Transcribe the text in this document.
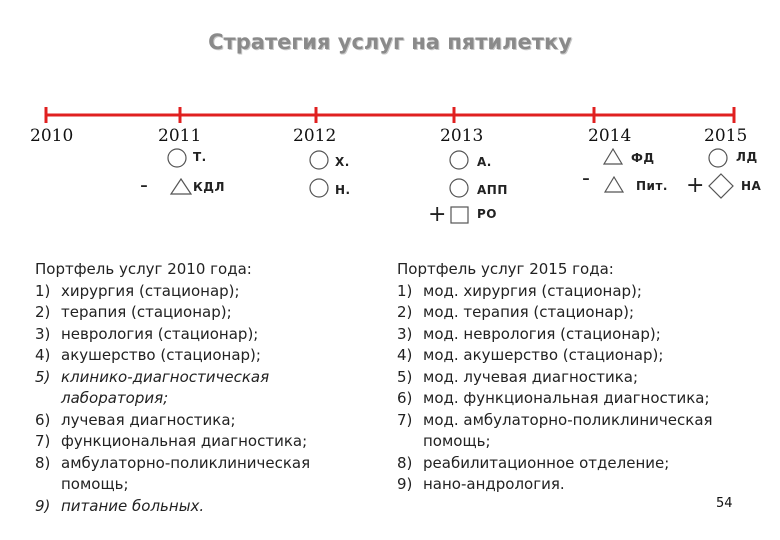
Стратегия услуг на пятилетку
2010	2011	2012	2013	2014	2015
Т.
КДЛ
Х.
Н.
А.
АПП
РО
ФД
Пит.
ЛД
НА
-
+
-	+
Портфель услуг 2010 года:
1) хирургия (стационар);
2) терапия (стационар);
3) неврология (стационар);
4) акушерство (стационар);
5) клинико-диагностическая лаборатория;
6) лучевая диагностика;
7) функциональная диагностика;
8) амбулаторно-поликлиническая помощь;
9) питание больных.
Портфель услуг 2015 года:
1) мод. хирургия (стационар);
2) мод. терапия (стационар);
3) мод. неврология (стационар);
4) мод. акушерство (стационар);
5) мод. лучевая диагностика;
6) мод. функциональная диагностика;
7) мод. амбулаторно-поликлиническая помощь;
8) реабилитационное отделение;
9) нано-андрология.
54
